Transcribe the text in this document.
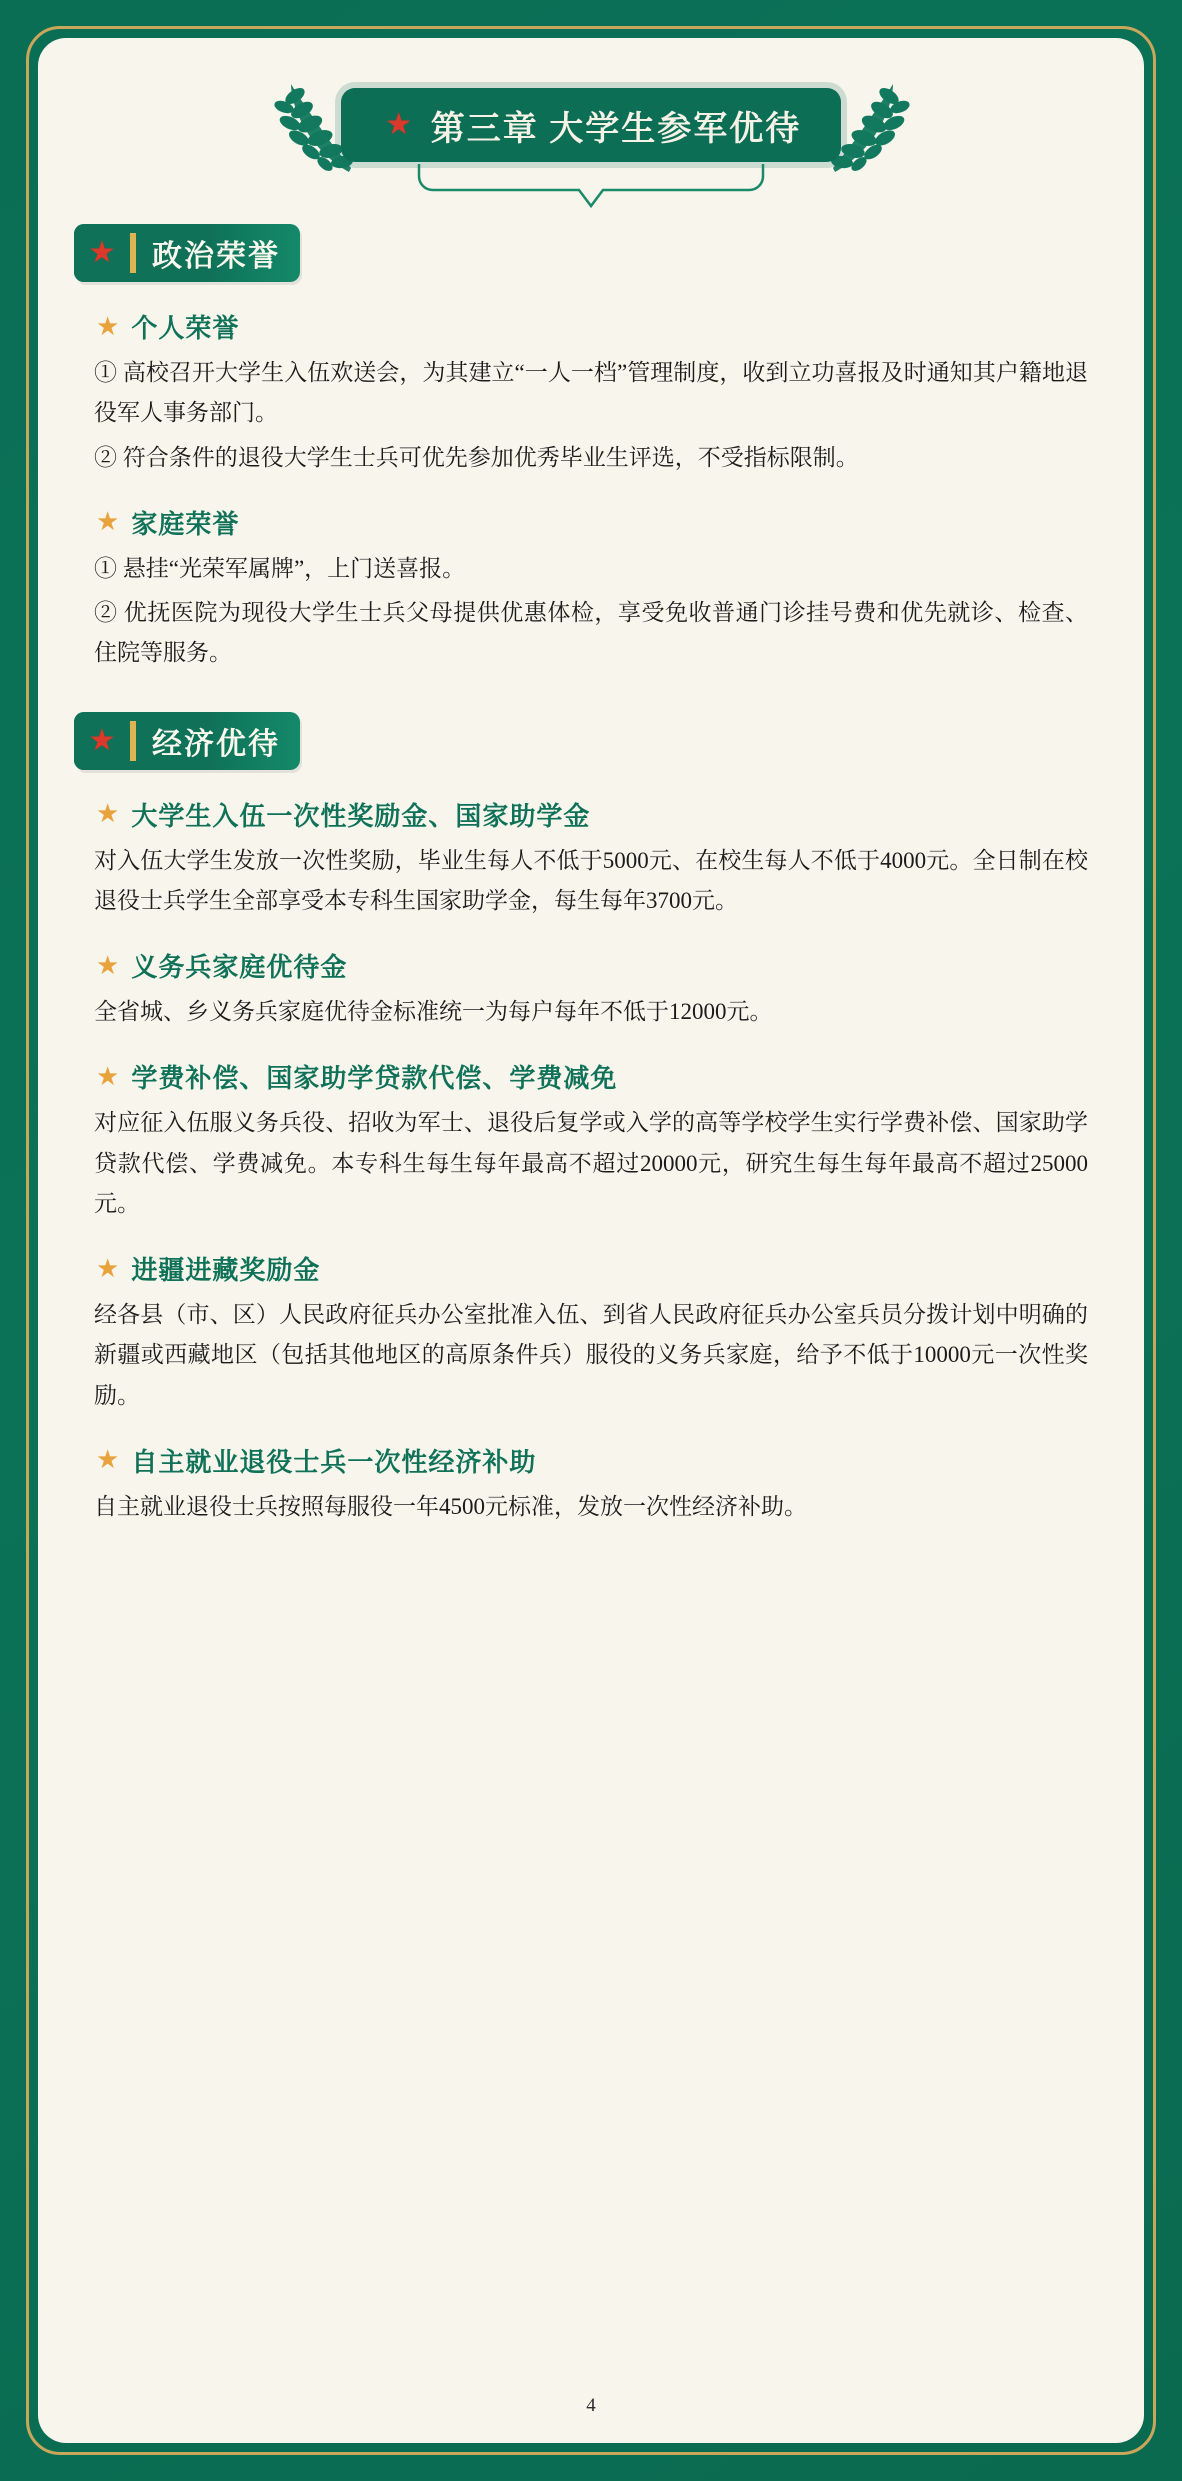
★ 第三章 大学生参军优待
★	政治荣誉
★ 个人荣誉

① 高校召开大学生入伍欢送会，为其建立“一人一档”管理制度，收到立功喜报及时通知其户籍地退役军人事务部门。

② 符合条件的退役大学生士兵可优先参加优秀毕业生评选，不受指标限制。

★ 家庭荣誉

① 悬挂“光荣军属牌”，上门送喜报。

② 优抚医院为现役大学生士兵父母提供优惠体检，享受免收普通门诊挂号费和优先就诊、检查、住院等服务。

★	经济优待
★ 大学生入伍一次性奖励金、国家助学金

对入伍大学生发放一次性奖励，毕业生每人不低于5000元、在校生每人不低于4000元。全日制在校退役士兵学生全部享受本专科生国家助学金，每生每年3700元。

★ 义务兵家庭优待金

全省城、乡义务兵家庭优待金标准统一为每户每年不低于12000元。

★ 学费补偿、国家助学贷款代偿、学费减免

对应征入伍服义务兵役、招收为军士、退役后复学或入学的高等学校学生实行学费补偿、国家助学贷款代偿、学费减免。本专科生每生每年最高不超过20000元，研究生每生每年最高不超过25000元。

★ 进疆进藏奖励金

经各县（市、区）人民政府征兵办公室批准入伍、到省人民政府征兵办公室兵员分拨计划中明确的新疆或西藏地区（包括其他地区的高原条件兵）服役的义务兵家庭，给予不低于10000元一次性奖励。

★ 自主就业退役士兵一次性经济补助

自主就业退役士兵按照每服役一年4500元标准，发放一次性经济补助。

4
